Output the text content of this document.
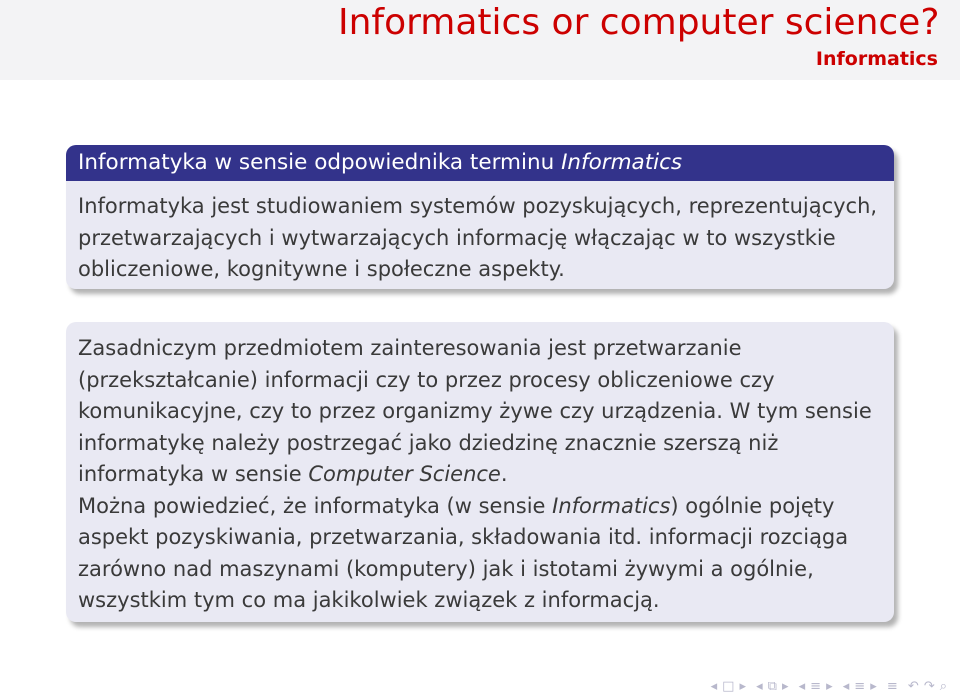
Informatics or computer science?
Informatics
Informatyka w sensie odpowiednika terminu Informatics

Informatyka jest studiowaniem systemów pozyskujących, reprezentujących, przetwarzających i wytwarzających informację włączając w to wszystkie obliczeniowe, kognitywne i społeczne aspekty.

Zasadniczym przedmiotem zainteresowania jest przetwarzanie (przekształcanie) informacji czy to przez procesy obliczeniowe czy komunikacyjne, czy to przez organizmy żywe czy urządzenia. W tym sensie informatykę należy postrzegać jako dziedzinę znacznie szerszą niż informatyka w sensie Computer Science.

Można powiedzieć, że informatyka (w sensie Informatics) ogólnie pojęty aspekt pozyskiwania, przetwarzania, składowania itd. informacji rozciąga zarówno nad maszynami (komputery) jak i istotami żywymi a ogólnie, wszystkim tym co ma jakikolwiek związek z informacją.

◂ □ ▸ ◂ ⧉ ▸ ◂ ≡ ▸ ◂ ≡ ▸ ≡ ↶ ↷ ⌕
